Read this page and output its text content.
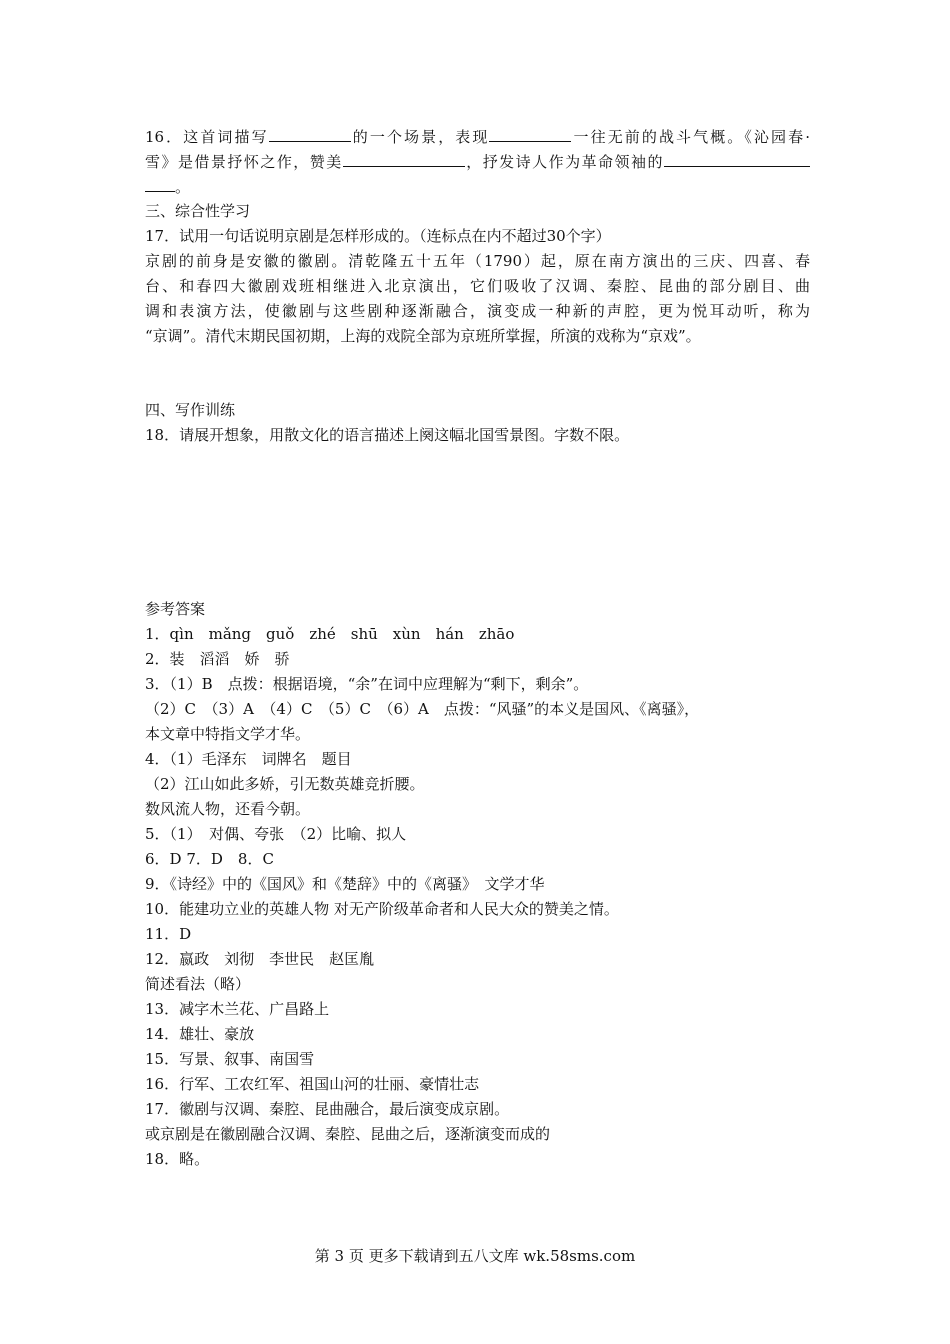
16．这首词描写	的一个场景，表现	一往无前的战斗气概。《沁园春·
雪》是借景抒怀之作，赞美	，抒发诗人作为革命领袖的
。
三、综合性学习
17．试用一句话说明京剧是怎样形成的。（连标点在内不超过30个字）
京剧的前身是安徽的徽剧。清乾隆五十五年（1790）起，原在南方演出的三庆、四喜、春
台、和春四大徽剧戏班相继进入北京演出，它们吸收了汉调、秦腔、昆曲的部分剧目、曲
调和表演方法，使徽剧与这些剧种逐渐融合，演变成一种新的声腔，更为悦耳动听，称为
“京调”。清代末期民国初期，上海的戏院全部为京班所掌握，所演的戏称为“京戏”。
四、写作训练
18．请展开想象，用散文化的语言描述上阕这幅北国雪景图。字数不限。
参考答案
1．qìn　mǎng　guǒ　zhé　shū　xùn　hán　zhāo
2．装　滔滔　娇　骄
3．（1）B　点拨：根据语境，“余”在词中应理解为“剩下，剩余”。
（2）C　（3）A　（4）C　（5）C　（6）A　点拨：“风骚”的本义是国风、《离骚》，
本文章中特指文学才华。
4．（1）毛泽东　词牌名　题目
（2）江山如此多娇，引无数英雄竞折腰。
数风流人物，还看今朝。
5．（1）　对偶、夸张　（2）比喻、拟人
6．D 7．D　8．C
9．《诗经》中的《国风》和《楚辞》中的《离骚》　文学才华
10．能建功立业的英雄人物 对无产阶级革命者和人民大众的赞美之情。
11．D
12．嬴政　刘彻　李世民　赵匡胤
简述看法（略）
13．减字木兰花、广昌路上
14．雄壮、豪放
15．写景、叙事、南国雪
16．行军、工农红军、祖国山河的壮丽、豪情壮志
17．徽剧与汉调、秦腔、昆曲融合，最后演变成京剧。
或京剧是在徽剧融合汉调、秦腔、昆曲之后，逐渐演变而成的
18．略。
第 3 页 更多下载请到五八文库 wk.58sms.com
